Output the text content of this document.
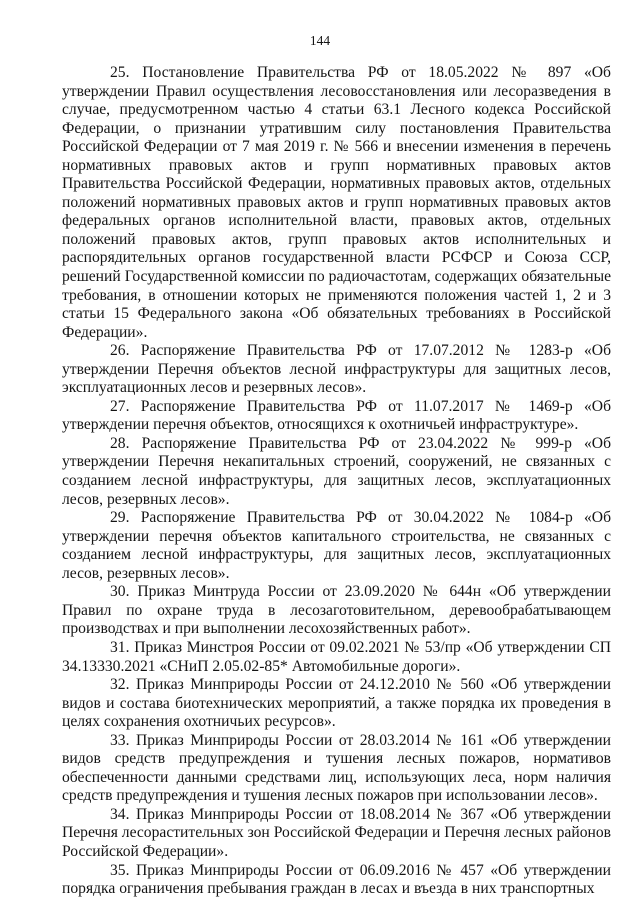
144

25. Постановление Правительства РФ от 18.05.2022 № 897 «Об утверждении Правил осуществления лесовосстановления или лесоразведения в случае, предусмотренном частью 4 статьи 63.1 Лесного кодекса Российской Федерации, о признании утратившим силу постановления Правительства Российской Федерации от 7 мая 2019 г. № 566 и внесении изменения в перечень нормативных правовых актов и групп нормативных правовых актов Правительства Российской Федерации, нормативных правовых актов, отдельных положений нормативных правовых актов и групп нормативных правовых актов федеральных органов исполнительной власти, правовых актов, отдельных положений правовых актов, групп правовых актов исполнительных и распорядительных органов государственной власти РСФСР и Союза ССР, решений Государственной комиссии по радиочастотам, содержащих обязательные требования, в отношении которых не применяются положения частей 1, 2 и 3 статьи 15 Федерального закона «Об обязательных требованиях в Российской Федерации».

26. Распоряжение Правительства РФ от 17.07.2012 № 1283-р «Об утверждении Перечня объектов лесной инфраструктуры для защитных лесов, эксплуатационных лесов и резервных лесов».

27. Распоряжение Правительства РФ от 11.07.2017 № 1469-р «Об утверждении перечня объектов, относящихся к охотничьей инфраструктуре».

28. Распоряжение Правительства РФ от 23.04.2022 № 999-р «Об утверждении Перечня некапитальных строений, сооружений, не связанных с созданием лесной инфраструктуры, для защитных лесов, эксплуатационных лесов, резервных лесов».

29. Распоряжение Правительства РФ от 30.04.2022 № 1084-р «Об утверждении перечня объектов капитального строительства, не связанных с созданием лесной инфраструктуры, для защитных лесов, эксплуатационных лесов, резервных лесов».

30. Приказ Минтруда России от 23.09.2020 № 644н «Об утверждении Правил по охране труда в лесозаготовительном, деревообрабатывающем производствах и при выполнении лесохозяйственных работ».

31. Приказ Минстроя России от 09.02.2021 № 53/пр «Об утверждении СП 34.13330.2021 «СНиП 2.05.02-85* Автомобильные дороги».

32. Приказ Минприроды России от 24.12.2010 № 560 «Об утверждении видов и состава биотехнических мероприятий, а также порядка их проведения в целях сохранения охотничьих ресурсов».

33. Приказ Минприроды России от 28.03.2014 № 161 «Об утверждении видов средств предупреждения и тушения лесных пожаров, нормативов обеспеченности данными средствами лиц, использующих леса, норм наличия средств предупреждения и тушения лесных пожаров при использовании лесов».

34. Приказ Минприроды России от 18.08.2014 № 367 «Об утверждении Перечня лесорастительных зон Российской Федерации и Перечня лесных районов Российской Федерации».

35. Приказ Минприроды России от 06.09.2016 № 457 «Об утверждении порядка ограничения пребывания граждан в лесах и въезда в них транспортных
